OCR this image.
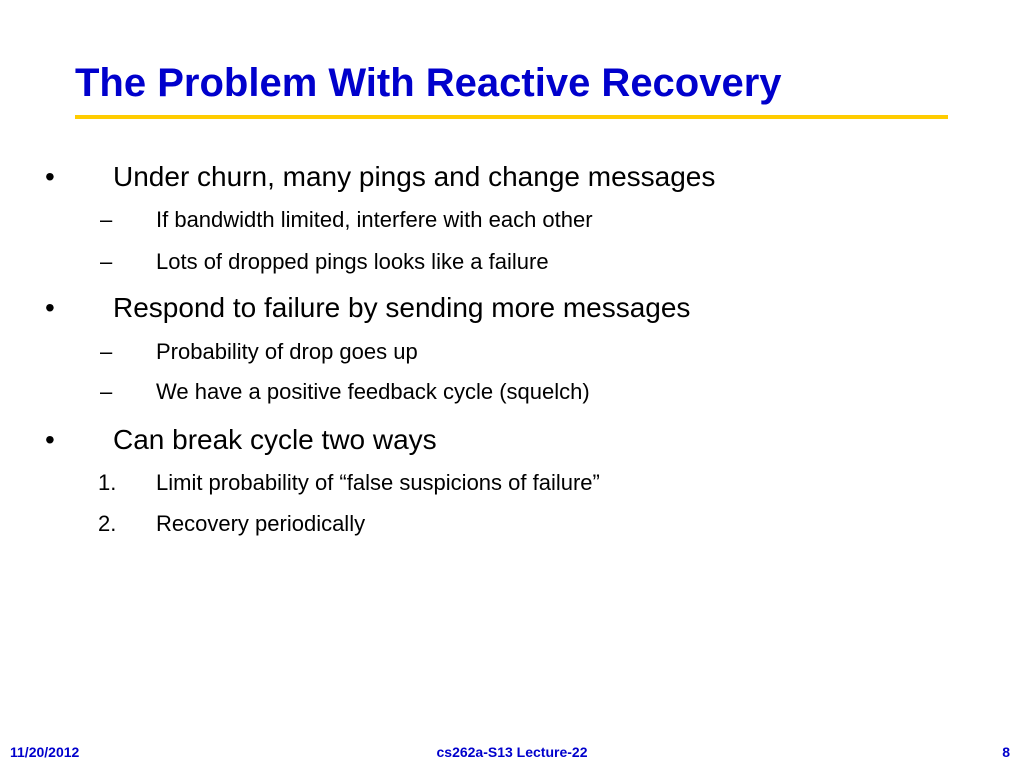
The Problem With Reactive Recovery
• Under churn, many pings and change messages
– If bandwidth limited, interfere with each other
– Lots of dropped pings looks like a failure
• Respond to failure by sending more messages
– Probability of drop goes up
– We have a positive feedback cycle (squelch)
• Can break cycle two ways
1. Limit probability of “false suspicions of failure”
2. Recovery periodically
11/20/2012	cs262a-S13 Lecture-22	8
